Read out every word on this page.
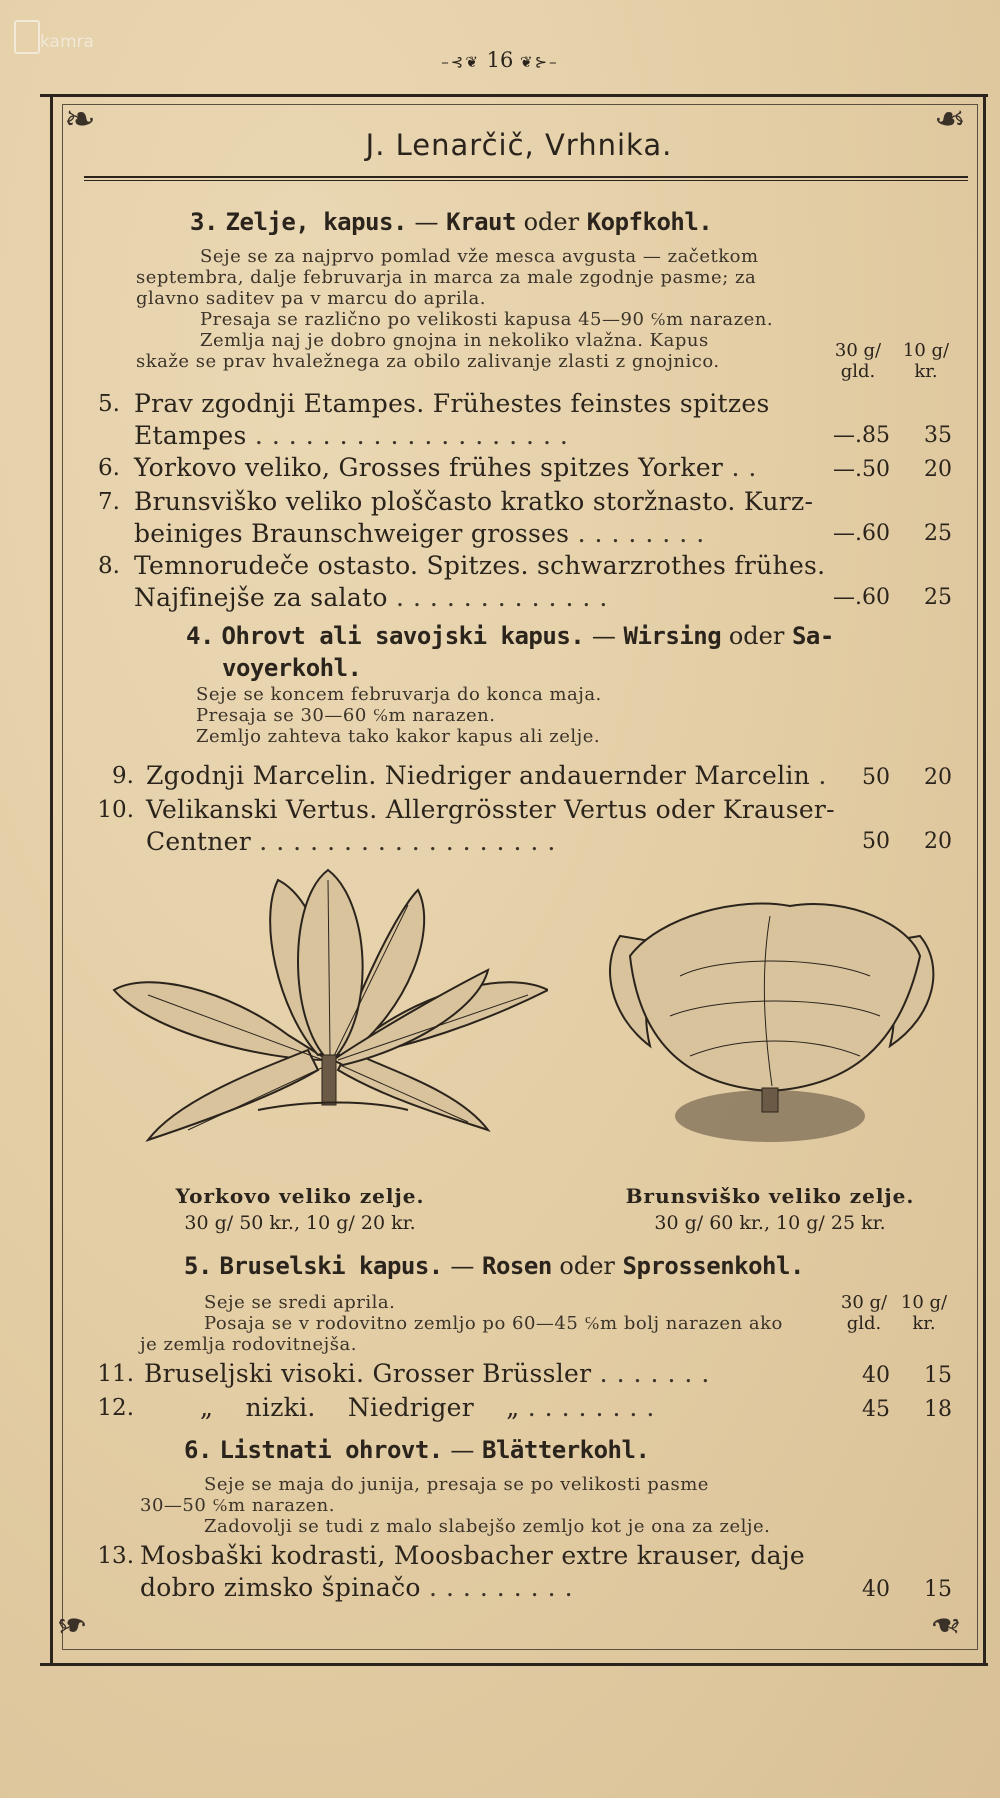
kamra
–⊰❦ 16 ❦⊱–
❧	❧
❧	❧
J. Lenarčič, Vrhnika.
3. Zelje, kapus. — Kraut oder Kopfkohl.
Seje se za najprvo pomlad vže mesca avgusta — začetkom
septembra, dalje februvarja in marca za male zgodnje pasme; za
glavno saditev pa v marcu do aprila.
Presaja se različno po velikosti kapusa 45—90 ℅m narazen.
Zemlja naj je dobro gnojna in nekoliko vlažna. Kapus
skaže se prav hvaležnega za obilo zalivanje zlasti z gnojnico.
30 g/
gld.
10 g/
kr.
5. Prav zgodnji Etampes. Frühestes feinstes spitzes
Etampes ...................	—.85	35
6. Yorkovo veliko, Grosses frühes spitzes Yorker ..	—.50	20
7. Brunsviško veliko ploščasto kratko storžnasto. Kurz-
beiniges Braunschweiger grosses ........	—.60	25
8. Temnorudeče ostasto. Spitzes. schwarzrothes frühes.
Najfinejše za salato .............	—.60	25
4. Ohrovt ali savojski kapus. — Wirsing oder Sa-
voyerkohl.
Seje se koncem februvarja do konca maja.
Presaja se 30—60 ℅m narazen.
Zemljo zahteva tako kakor kapus ali zelje.
9. Zgodnji Marcelin. Niedriger andauernder Marcelin .	50	20
10. Velikanski Vertus. Allergrösster Vertus oder Krauser-
Centner ..................	50	20
Yorkovo veliko zelje.
30 g/ 50 kr., 10 g/ 20 kr.
Brunsviško veliko zelje.
30 g/ 60 kr., 10 g/ 25 kr.
5. Bruselski kapus. — Rosen oder Sprossenkohl.
Seje se sredi aprila.
Posaja se v rodovitno zemljo po 60—45 ℅m bolj narazen ako
je zemlja rodovitnejša.
30 g/
gld.
10 g/
kr.
11. Bruseljski visoki. Grosser Brüssler .......	40	15
12.	„ nizki. Niedriger „ ........	45	18
6. Listnati ohrovt. — Blätterkohl.
Seje se maja do junija, presaja se po velikosti pasme
30—50 ℅m narazen.
Zadovolji se tudi z malo slabejšo zemljo kot je ona za zelje.
13. Mosbaški kodrasti, Moosbacher extre krauser, daje
dobro zimsko špinačo .........	40	15
